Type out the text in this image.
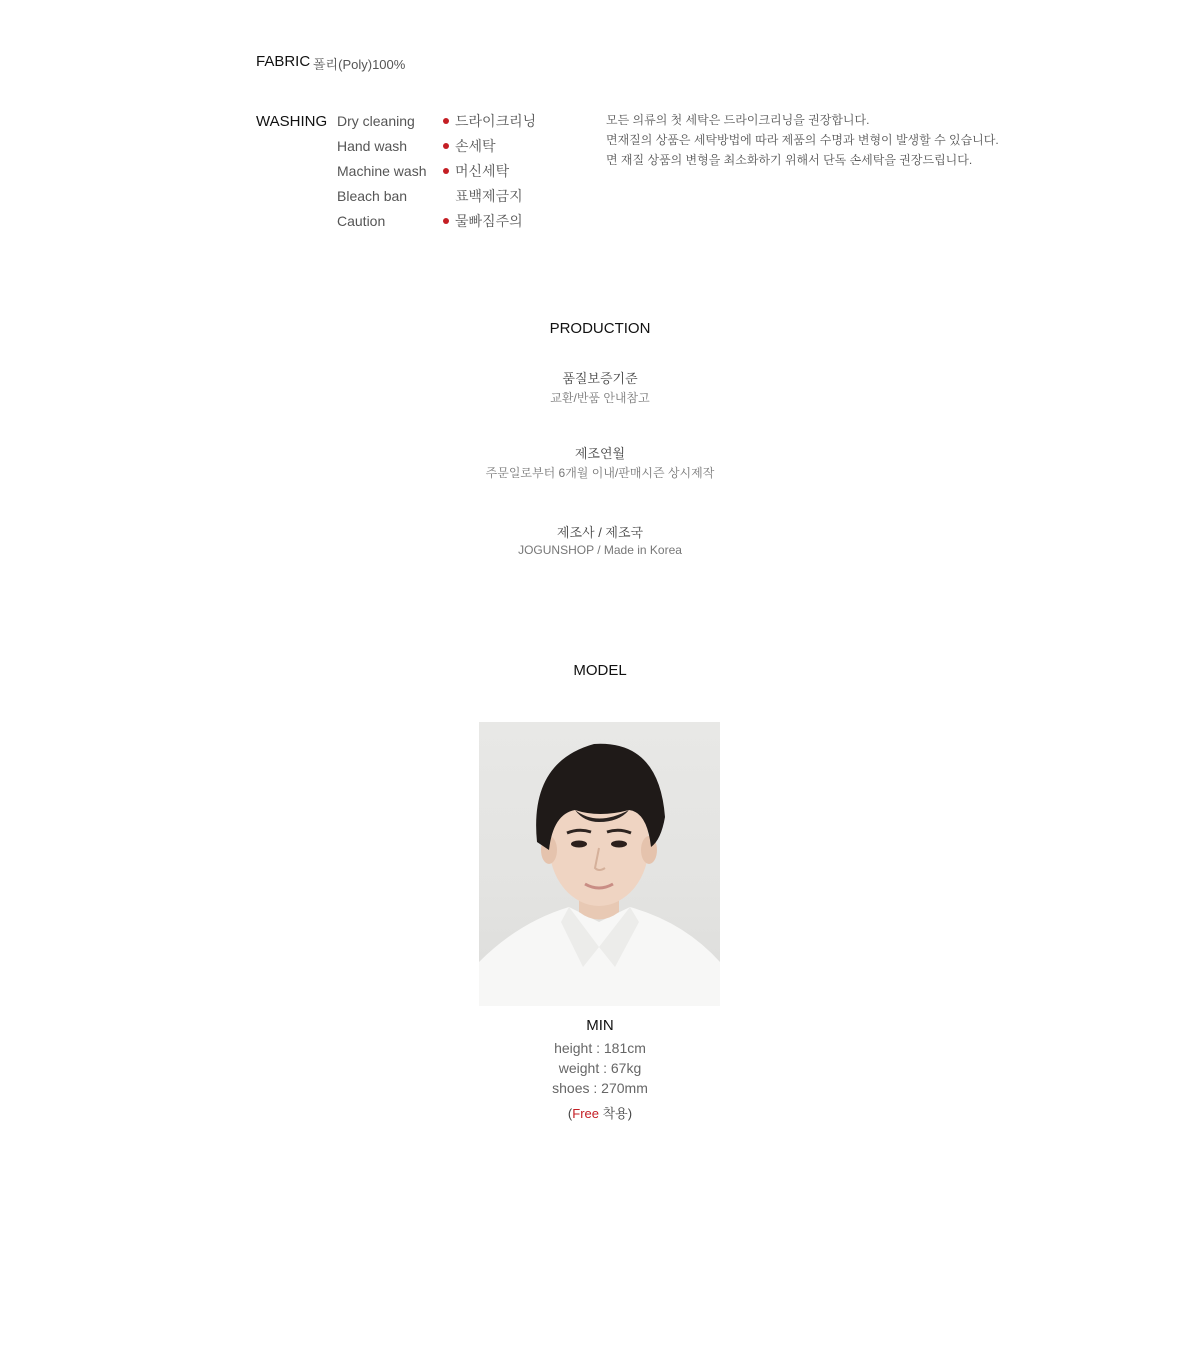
FABRIC 폴리(Poly)100%
WASHING Dry cleaning
Hand wash
Machine wash
Bleach ban
Caution
드라이크리닝
손세탁
머신세탁
표백제금지
물빠짐주의
모든 의류의 첫 세탁은 드라이크리닝을 권장합니다.
면재질의 상품은 세탁방법에 따라 제품의 수명과 변형이 발생할 수 있습니다.
면 재질 상품의 변형을 최소화하기 위해서 단독 손세탁을 권장드립니다.
PRODUCTION
품질보증기준
교환/반품 안내참고
제조연월
주문일로부터 6개월 이내/판매시즌 상시제작
제조사 / 제조국
JOGUNSHOP / Made in Korea
MODEL
MIN
height : 181cm
weight : 67kg
shoes : 270mm
(Free 착용)
